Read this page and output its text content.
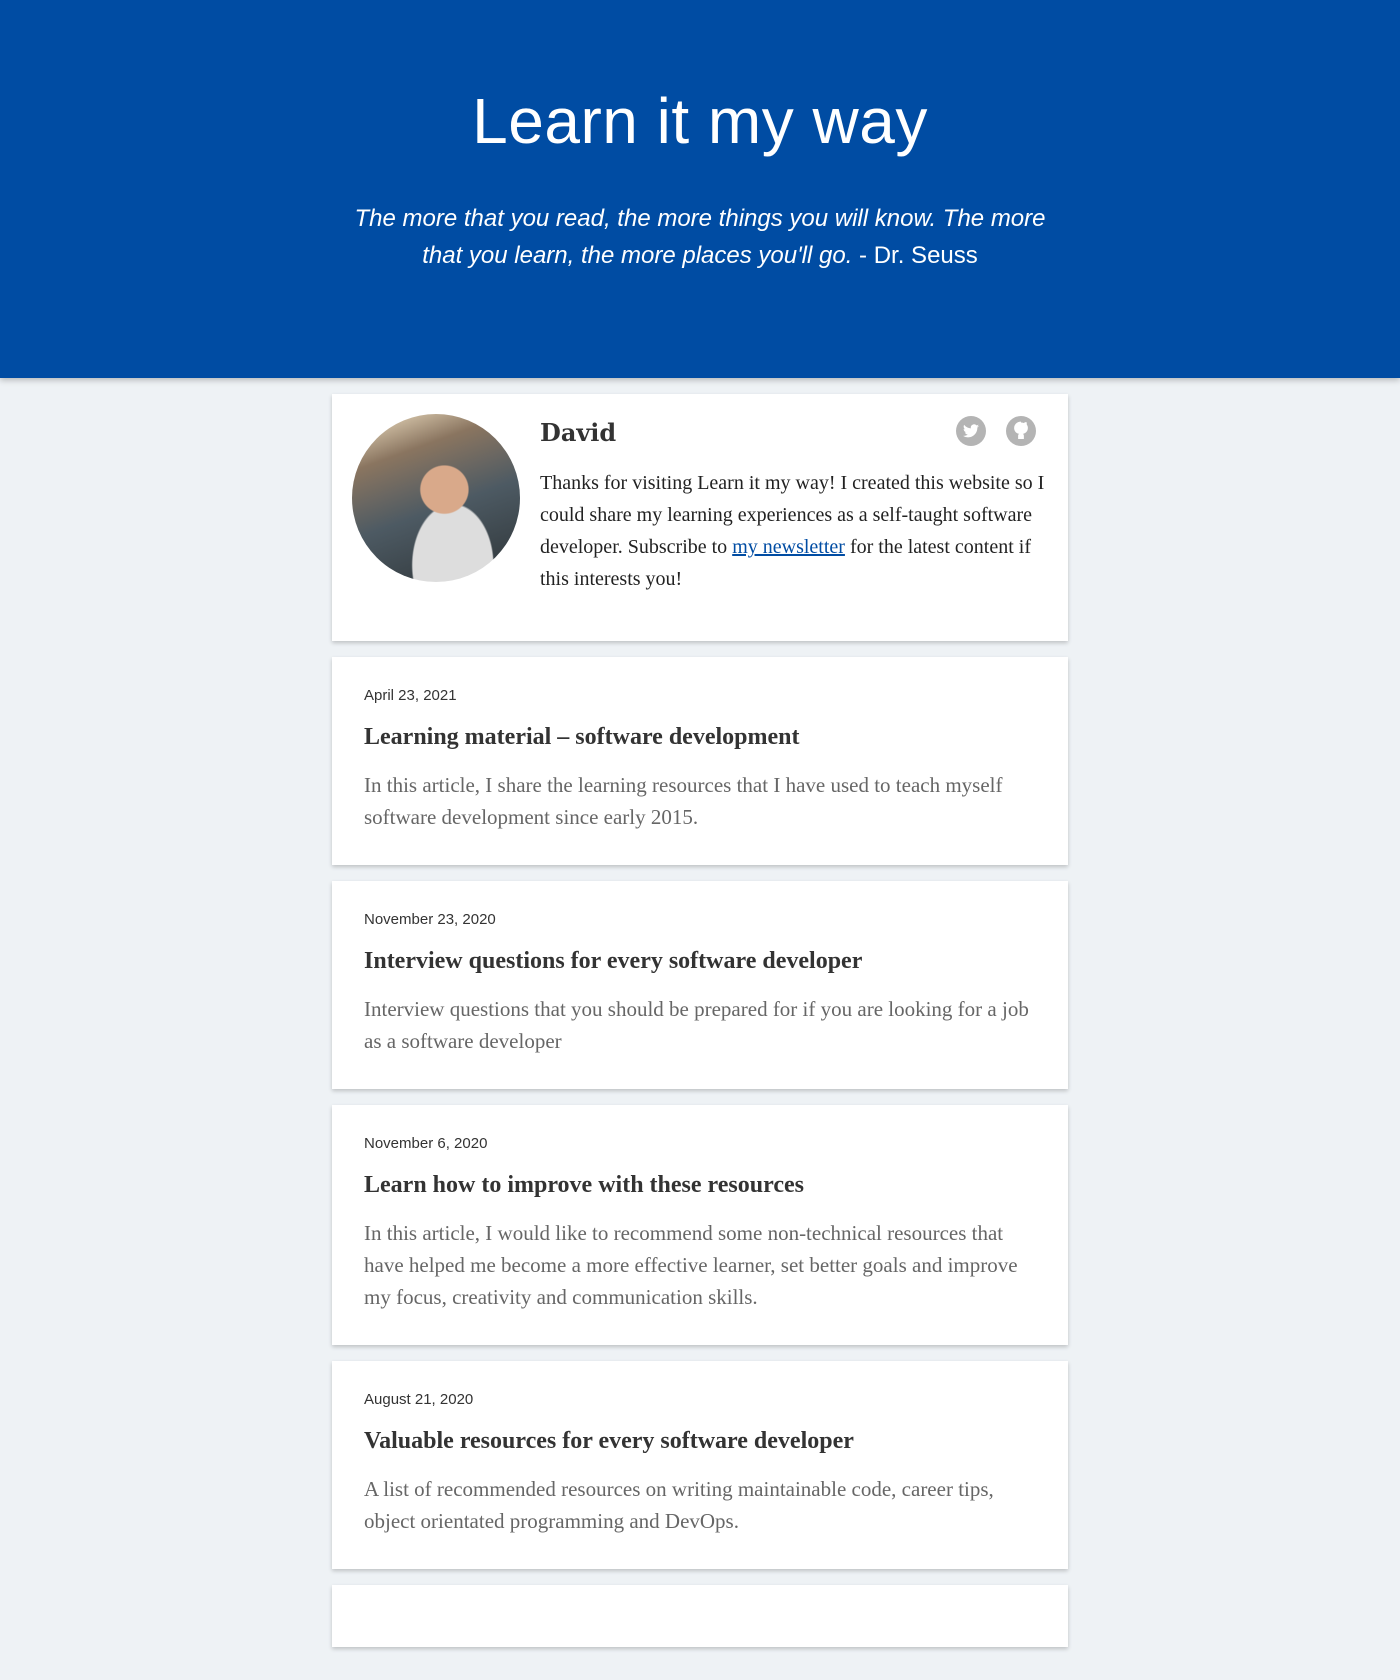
Learn it my way

The more that you read, the more things you will know. The more that you learn, the more places you'll go. - Dr. Seuss

David

Thanks for visiting Learn it my way! I created this website so I could share my learning experiences as a self-taught software developer. Subscribe to my newsletter for the latest content if this interests you!

April 23, 2021
Learning material – software development

In this article, I share the learning resources that I have used to teach myself software development since early 2015.

November 23, 2020
Interview questions for every software developer

Interview questions that you should be prepared for if you are looking for a job as a software developer

November 6, 2020
Learn how to improve with these resources

In this article, I would like to recommend some non-technical resources that have helped me become a more effective learner, set better goals and improve my focus, creativity and communication skills.

August 21, 2020
Valuable resources for every software developer

A list of recommended resources on writing maintainable code, career tips, object orientated programming and DevOps.
